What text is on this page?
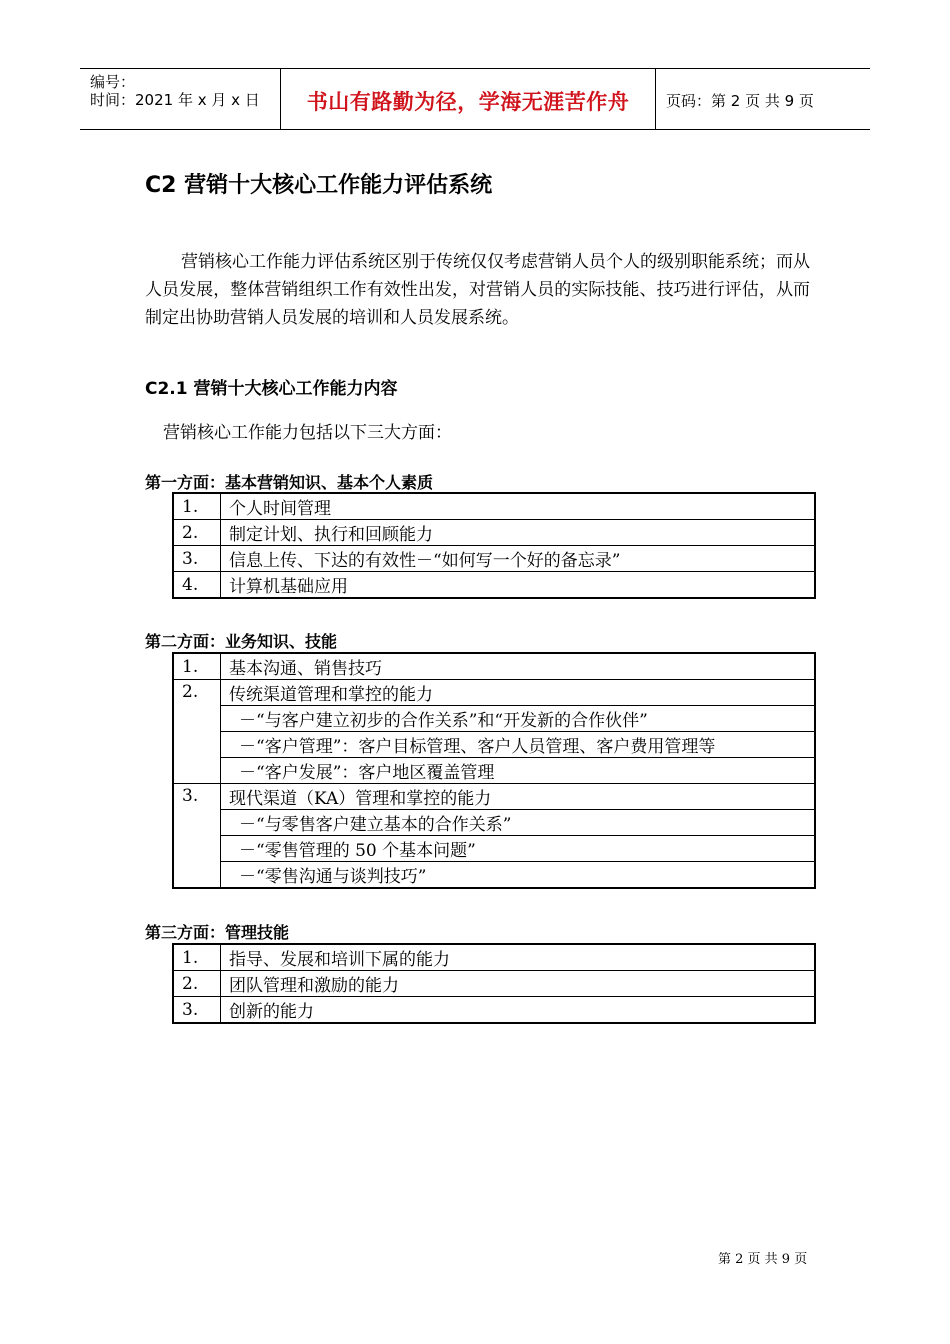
编号：
时间：2021 年 x 月 x 日	书山有路勤为径，学海无涯苦作舟	页码：第 2 页 共 9 页
C2 营销十大核心工作能力评估系统
营销核心工作能力评估系统区别于传统仅仅考虑营销人员个人的级别职能系统；而从人员发展，整体营销组织工作有效性出发，对营销人员的实际技能、技巧进行评估，从而制定出协助营销人员发展的培训和人员发展系统。
C2.1 营销十大核心工作能力内容
营销核心工作能力包括以下三大方面：
第一方面：基本营销知识、基本个人素质
1.	个人时间管理
2.	制定计划、执行和回顾能力
3.	信息上传、下达的有效性－“如何写一个好的备忘录”
4.	计算机基础应用
第二方面：业务知识、技能
1.	基本沟通、销售技巧
2.	传统渠道管理和掌控的能力
	－“与客户建立初步的合作关系”和“开发新的合作伙伴”
	－“客户管理”：客户目标管理、客户人员管理、客户费用管理等
	－“客户发展”：客户地区覆盖管理
3.	现代渠道（KA）管理和掌控的能力
	－“与零售客户建立基本的合作关系”
	－“零售管理的 50 个基本问题”
	－“零售沟通与谈判技巧”
第三方面：管理技能
1.	指导、发展和培训下属的能力
2.	团队管理和激励的能力
3.	创新的能力
第 2 页 共 9 页
